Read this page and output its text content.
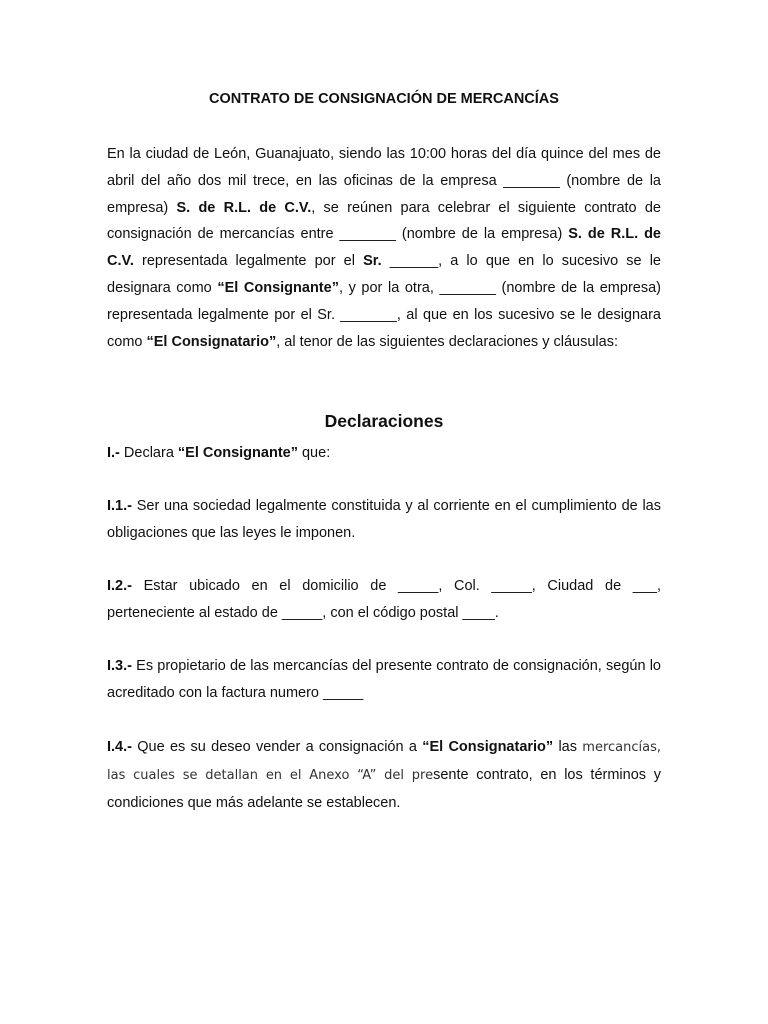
CONTRATO DE CONSIGNACIÓN DE MERCANCÍAS
En la ciudad de León, Guanajuato, siendo las 10:00 horas del día quince del mes de abril del año dos mil trece, en las oficinas de la empresa _______ (nombre de la empresa) S. de R.L. de C.V., se reúnen para celebrar el siguiente contrato de consignación de mercancías entre _______ (nombre de la empresa) S. de R.L. de C.V. representada legalmente por el Sr. ______, a lo que en lo sucesivo se le designara como “El Consignante”, y por la otra, _______ (nombre de la empresa) representada legalmente por el Sr. _______, al que en los sucesivo se le designara como “El Consignatario”, al tenor de las siguientes declaraciones y cláusulas:
Declaraciones
I.- Declara “El Consignante” que:
I.1.- Ser una sociedad legalmente constituida y al corriente en el cumplimiento de las obligaciones que las leyes le imponen.
I.2.- Estar ubicado en el domicilio de _____, Col. _____, Ciudad de ___, perteneciente al estado de _____, con el código postal ____.
I.3.- Es propietario de las mercancías del presente contrato de consignación, según lo acreditado con la factura numero _____
I.4.- Que es su deseo vender a consignación a “El Consignatario” las mercancías, las cuales se detallan en el Anexo “A” del presente contrato, en los términos y condiciones que más adelante se establecen.
